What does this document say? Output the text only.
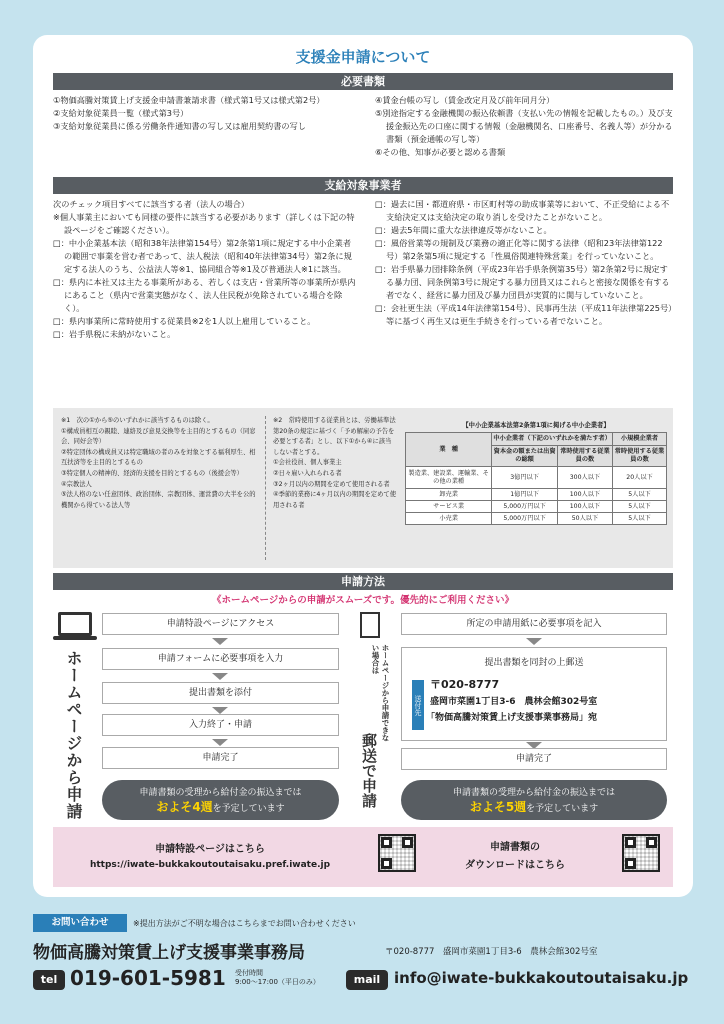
支援金申請について
必要書類

①物価高騰対策賃上げ支援金申請書兼請求書（様式第1号又は様式第2号）

②支給対象従業員一覧（様式第3号）

③支給対象従業員に係る労働条件通知書の写し又は雇用契約書の写し

④賃金台帳の写し（賃金改定月及び前年同月分）

⑤別途指定する金融機関の振込依頼書（支払い先の情報を記載したもの。）及び支援金振込先の口座に関する情報（金融機関名、口座番号、名義人等）が分かる書類（預金通帳の写し等）

⑥その他、知事が必要と認める書類

支給対象事業者

次のチェック項目すべてに該当する者（法人の場合）

※個人事業主においても同様の要件に該当する必要があります（詳しくは下記の特設ページをご確認ください）。

□：中小企業基本法（昭和38年法律第154号）第2条第1項に規定する中小企業者の範囲で事業を営む者であって、法人税法（昭和40年法律第34号）第2条に規定する法人のうち、公益法人等※1、協同組合等※1及び普通法人※1に該当。

□：県内に本社又は主たる事業所がある、若しくは支店・営業所等の事業所が県内にあること（県内で営業実態がなく、法人住民税が免除されている場合を除く）。

□：県内事業所に常時使用する従業員※2を1人以上雇用していること。

□：岩手県税に未納がないこと。

□：過去に国・都道府県・市区町村等の助成事業等において、不正受給による不支給決定又は支給決定の取り消しを受けたことがないこと。

□：過去5年間に重大な法律違反等がないこと。

□：風俗営業等の規制及び業務の適正化等に関する法律（昭和23年法律第122号）第2条第5項に規定する「性風俗関連特殊営業」を行っていないこと。

□：岩手県暴力団排除条例（平成23年岩手県条例第35号）第2条第2号に規定する暴力団、同条例第3号に規定する暴力団員又はこれらと密接な関係を有する者でなく、経営に暴力団及び暴力団員が実質的に関与していないこと。

□：会社更生法（平成14年法律第154号）、民事再生法（平成11年法律第225号）等に基づく再生又は更生手続きを行っている者でないこと。

※1　次の①から⑤のいずれかに該当するものは除く。

①構成員相互の親睦、連絡及び意見交換等を主目的とするもの（同窓会、同好会等）

②特定団体の構成員又は特定職域の者のみを対象とする福利厚生、相互扶済等を主目的とするもの

③特定個人の精神的、経済的支援を目的とするもの（後援会等）

④宗教法人

⑤法人格のない任意団体、政治団体、宗教団体、運営費の大半を公的機関から得ている法人等

※2　常時使用する従業員とは、労働基準法第20条の規定に基づく「予め解雇の予告を必要とする者」とし、以下①から④に該当しない者とする。

①会社役員、個人事業主

②日々雇い入れられる者

③2ヶ月以内の期間を定めて使用される者

④季節的業務に4ヶ月以内の期間を定めて使用される者

【中小企業基本法第2条第1項に掲げる中小企業者】
業　種	中小企業者（下記のいずれかを満たす者）		小規模企業者
	資本金の額または出資の総額	常時使用する従業員の数	常時使用する従業員の数
製造業、建設業、運輸業、その他の業種	3億円以下	300人以下	20人以下
卸売業	1億円以下	100人以下	5人以下
サービス業	5,000万円以下	100人以下	5人以下
小売業	5,000万円以下	50人以下	5人以下
申請方法
《ホームページからの申請がスムーズです。優先的にご利用ください》
ホームページから申請
申請特設ページにアクセス
申請フォームに必要事項を入力
提出書類を添付
入力終了・申請
申請完了
申請書類の受理から給付金の振込までは
およそ4週を予定しています
ホームページから申請できない場合は
郵送で申請
所定の申請用紙に必要事項を記入
提出書類を同封の上郵送
送付先
〒020-8777
盛岡市菜園1丁目3-6　農林会館302号室
「物価高騰対策賃上げ支援事業事務局」宛
申請完了
申請書類の受理から給付金の振込までは
およそ5週を予定しています
申請特設ページはこちら
https://iwate-bukkakoutoutaisaku.pref.iwate.jp
申請書類の
ダウンロードはこちら
お問い合わせ	※提出方法がご不明な場合はこちらまでお問い合わせください
物価高騰対策賃上げ支援事業事務局	〒020-8777　盛岡市菜園1丁目3-6　農林会館302号室
tel 019-601-5981 受付時間
9:00〜17:00（平日のみ）	mail info@iwate-bukkakoutoutaisaku.jp
